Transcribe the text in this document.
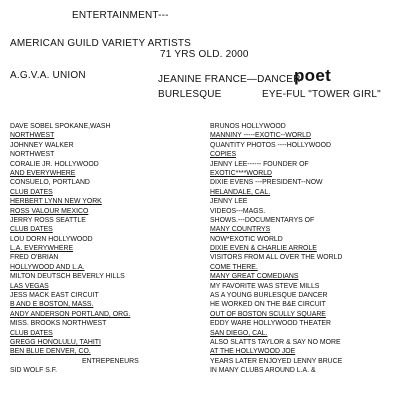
ENTERTAINMENT---
AMERICAN GUILD VARIETY ARTISTS
71 YRS OLD. 2000
A.G.V.A. UNION	JEANINE FRANCE—DANCER
poet
BURLESQUE	EYE-FUL "TOWER GIRL"
DAVE SOBEL SPOKANE,WASH
NORTHWEST
JOHNNEY WALKER
NORTHWEST
CORALIE JR. HOLLYWOOD
AND EVERYWHERE
CONSUELO, PORTLAND
CLUB DATES
HERBERT LYNN NEW YORK
ROSS VALOUR MEXICO
JERRY ROSS SEATTLE
CLUB DATES
LOU DORN HOLLYWOOD
L.A. EVERYWHERE
FRED O'BRIAN
HOLLYWOOD AND L.A.
MILTON DEUTSCH BEVERLY HILLS
LAS VEGAS
JESS MACK EAST CIRCUIT
B AND E BOSTON, MASS.
ANDY ANDERSON PORTLAND, ORG.
MISS. BROOKS NORTHWEST
CLUB DATES
GREGG HONOLULU, TAHITI
BEN BLUE DENVER, CO.
ENTREPENEURS
SID WOLF S.F.
BRUNOS HOLLYWOOD
MANNINY -----EXOTIC--WORLD
QUANTITY PHOTOS ----HOLLYWOOD
COPIES
JENNY LEE------ FOUNDER OF
EXOTIC****WORLD
DIXIE EVENS ---PRESIDENT--NOW
HELANDALE, CAL.
JENNY LEE
VIDEOS---MAGS.
SHOWS.---DOCUMENTARYS OF
MANY COUNTRYS
NOW*EXOTIC WORLD
DIXIE EVEN & CHARLIE ARROLE
VISITORS FROM ALL OVER THE WORLD
COME THERE.
MANY GREAT COMEDIANS
MY FAVORITE WAS STEVE MILLS
AS A YOUNG BURLESQUE DANCER
HE WORKED ON THE B&E CIRCUIT
OUT OF BOSTON SCULLY SQUARE
EDDY WARE HOLLYWOOD THEATER
SAN DIEGO, CAL.
ALSO SLATTS TAYLOR & SAY NO MORE
AT THE HOLLYWOOD JOE
YEARS LATER ENJOYED LENNY BRUCE
IN MANY CLUBS AROUND L.A. &
